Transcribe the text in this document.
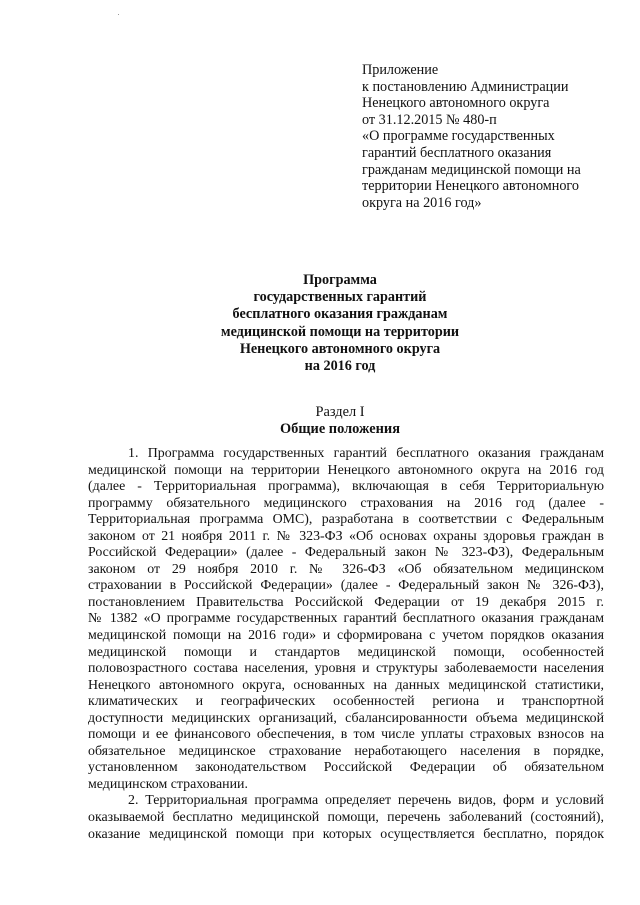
Приложение
к постановлению Администрации
Ненецкого автономного округа
от 31.12.2015 № 480-п
«О программе государственных
гарантий бесплатного оказания
гражданам медицинской помощи на
территории Ненецкого автономного
округа на 2016 год»
Программа
государственных гарантий
бесплатного оказания гражданам
медицинской помощи на территории
Ненецкого автономного округа
на 2016 год
Раздел I
Общие положения
1. Программа государственных гарантий бесплатного оказания гражданам
медицинской помощи на территории Ненецкого автономного округа на 2016 год
(далее - Территориальная программа), включающая в себя Территориальную
программу обязательного медицинского страхования на 2016 год (далее -
Территориальная программа ОМС), разработана в соответствии с Федеральным
законом от 21 ноября 2011 г. № 323-ФЗ «Об основах охраны здоровья граждан в
Российской Федерации» (далее - Федеральный закон № 323-ФЗ), Федеральным
законом от 29 ноября 2010 г. № 326-ФЗ «Об обязательном медицинском
страховании в Российской Федерации» (далее - Федеральный закон № 326-ФЗ),
постановлением Правительства Российской Федерации от 19 декабря 2015 г.
№ 1382 «О программе государственных гарантий бесплатного оказания гражданам
медицинской помощи на 2016 годи» и сформирована с учетом порядков оказания
медицинской помощи и стандартов медицинской помощи, особенностей
половозрастного состава населения, уровня и структуры заболеваемости населения
Ненецкого автономного округа, основанных на данных медицинской статистики,
климатических и географических особенностей региона и транспортной
доступности медицинских организаций, сбалансированности объема медицинской
помощи и ее финансового обеспечения, в том числе уплаты страховых взносов на
обязательное медицинское страхование неработающего населения в порядке,
установленном законодательством Российской Федерации об обязательном
медицинском страховании.
2. Территориальная программа определяет перечень видов, форм и условий
оказываемой бесплатно медицинской помощи, перечень заболеваний (состояний),
оказание медицинской помощи при которых осуществляется бесплатно, порядок
